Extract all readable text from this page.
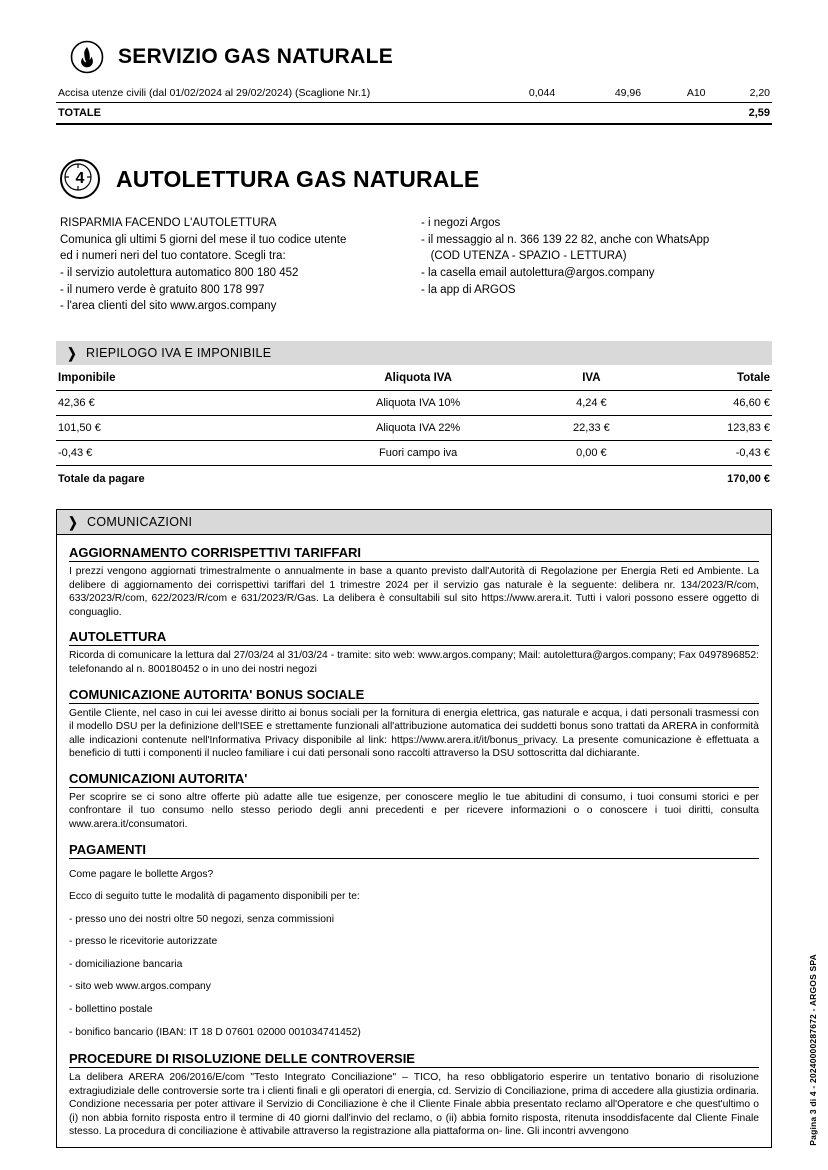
SERVIZIO GAS NATURALE
Accisa utenze civili (dal 01/02/2024 al 29/02/2024) (Scaglione Nr.1)	0,044	49,96	A10	2,20
TOTALE				2,59
4 AUTOLETTURA GAS NATURALE
RISPARMIA FACENDO L'AUTOLETTURA
Comunica gli ultimi 5 giorni del mese il tuo codice utente
ed i numeri neri del tuo contatore. Scegli tra:
- il servizio autolettura automatico 800 180 452
- il numero verde è gratuito 800 178 997
- l'area clienti del sito www.argos.company
- i negozi Argos
- il messaggio al n. 366 139 22 82, anche con WhatsApp
(COD UTENZA - SPAZIO - LETTURA)
- la casella email autolettura@argos.company
- la app di ARGOS
❯ RIEPILOGO IVA E IMPONIBILE
Imponibile	Aliquota IVA	IVA	Totale
42,36 €	Aliquota IVA 10%	4,24 €	46,60 €
101,50 €	Aliquota IVA 22%	22,33 €	123,83 €
-0,43 €	Fuori campo iva	0,00 €	-0,43 €
Totale da pagare			170,00 €
❯ COMUNICAZIONI
AGGIORNAMENTO CORRISPETTIVI TARIFFARI

I prezzi vengono aggiornati trimestralmente o annualmente in base a quanto previsto dall'Autorità di Regolazione per Energia Reti ed Ambiente. La delibere di aggiornamento dei corrispettivi tariffari del 1 trimestre 2024 per il servizio gas naturale è la seguente: delibera nr. 134/2023/R/com, 633/2023/R/com, 622/2023/R/com e 631/2023/R/Gas. La delibera è consultabili sul sito https://www.arera.it. Tutti i valori possono essere oggetto di conguaglio.

AUTOLETTURA

Ricorda di comunicare la lettura dal 27/03/24 al 31/03/24 - tramite: sito web: www.argos.company; Mail: autolettura@argos.company; Fax 0497896852: telefonando al n. 800180452 o in uno dei nostri negozi

COMUNICAZIONE AUTORITA' BONUS SOCIALE

Gentile Cliente, nel caso in cui lei avesse diritto ai bonus sociali per la fornitura di energia elettrica, gas naturale e acqua, i dati personali trasmessi con il modello DSU per la definizione dell'ISEE e strettamente funzionali all'attribuzione automatica dei suddetti bonus sono trattati da ARERA in conformità alle indicazioni contenute nell'Informativa Privacy disponibile al link: https://www.arera.it/it/bonus_privacy. La presente comunicazione è effettuata a beneficio di tutti i componenti il nucleo familiare i cui dati personali sono raccolti attraverso la DSU sottoscritta dal dichiarante.

COMUNICAZIONI AUTORITA'

Per scoprire se ci sono altre offerte più adatte alle tue esigenze, per conoscere meglio le tue abitudini di consumo, i tuoi consumi storici e per confrontare il tuo consumo nello stesso periodo degli anni precedenti e per ricevere informazioni o o conoscere i tuoi diritti, consulta www.arera.it/consumatori.

PAGAMENTI

Come pagare le bollette Argos?

Ecco di seguito tutte le modalità di pagamento disponibili per te:

- presso uno dei nostri oltre 50 negozi, senza commissioni

- presso le ricevitorie autorizzate

- domiciliazione bancaria

- sito web www.argos.company

- bollettino postale

- bonifico bancario (IBAN: IT 18 D 07601 02000 001034741452)

PROCEDURE DI RISOLUZIONE DELLE CONTROVERSIE

La delibera ARERA 206/2016/E/com "Testo Integrato Conciliazione" – TICO, ha reso obbligatorio esperire un tentativo bonario di risoluzione extragiudiziale delle controversie sorte tra i clienti finali e gli operatori di energia, cd. Servizio di Conciliazione, prima di accedere alla giustizia ordinaria. Condizione necessaria per poter attivare il Servizio di Conciliazione è che il Cliente Finale abbia presentato reclamo all'Operatore e che quest'ultimo o (i) non abbia fornito risposta entro il termine di 40 giorni dall'invio del reclamo, o (ii) abbia fornito risposta, ritenuta insoddisfacente dal Cliente Finale stesso. La procedura di conciliazione è attivabile attraverso la registrazione alla piattaforma on- line. Gli incontri avvengono	Pagina 3 di 4 - 20240000287672 - ARGOS SPA
